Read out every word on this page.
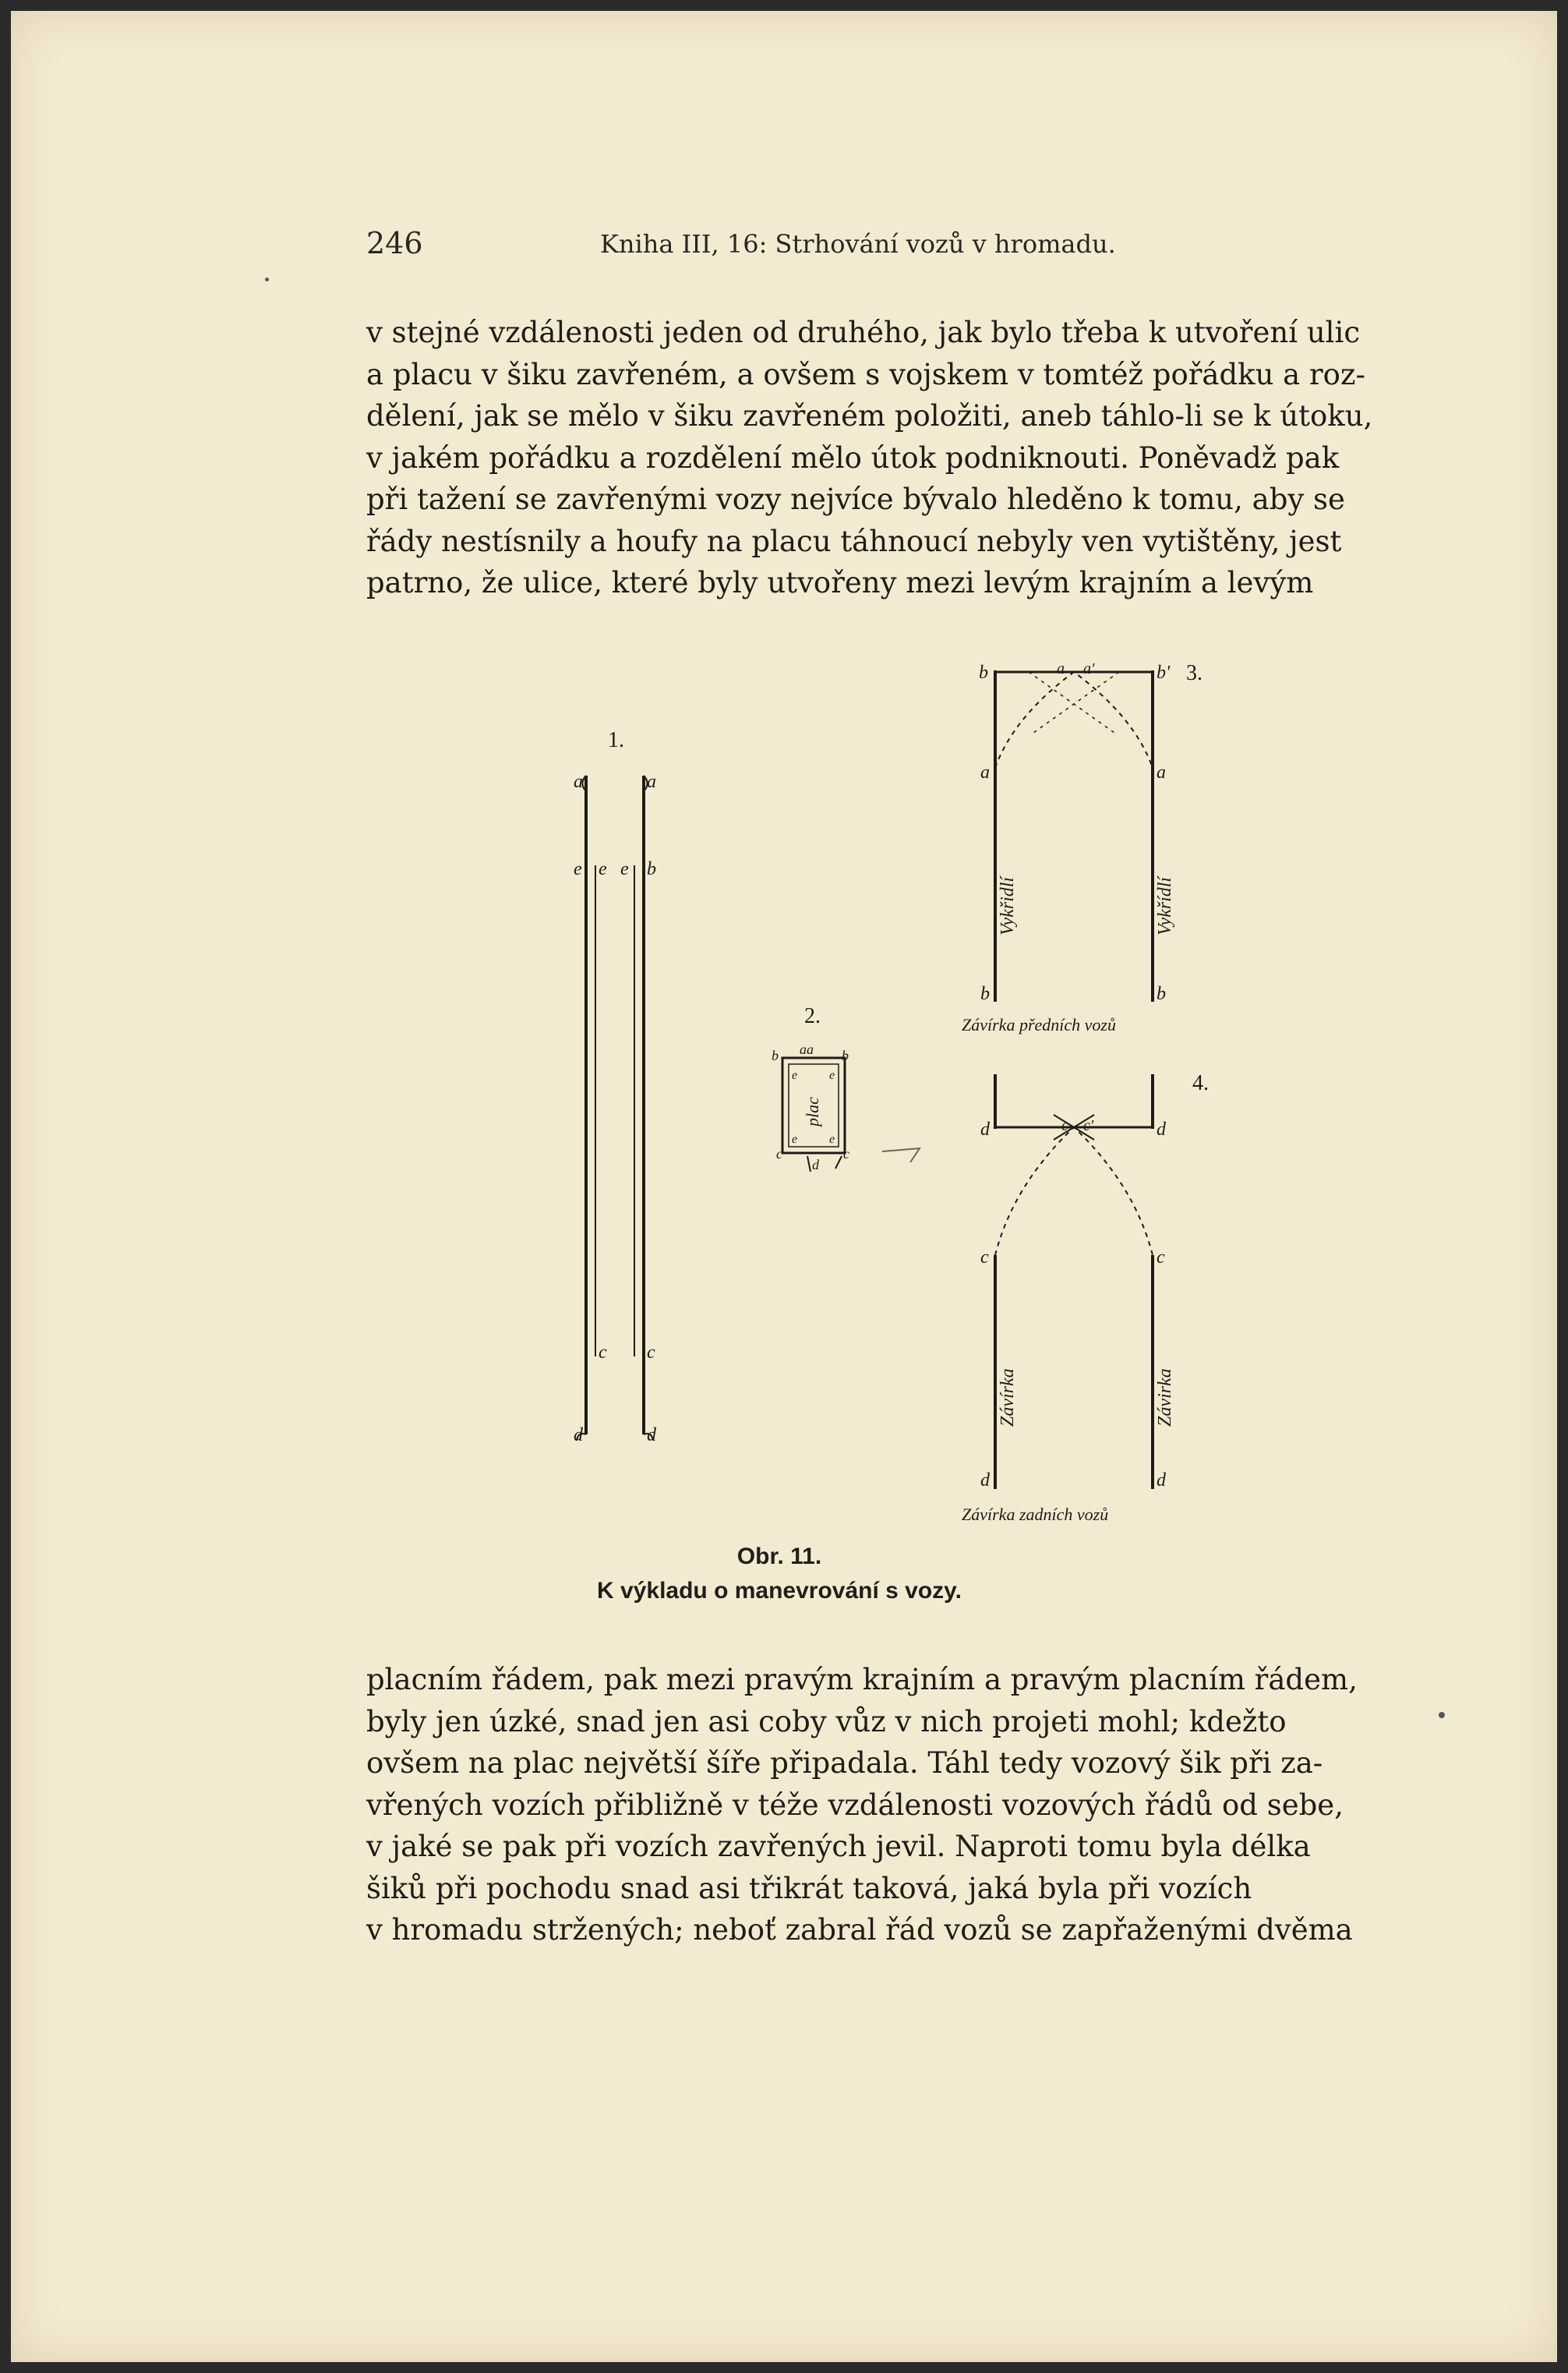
246	Kniha III, 16: Strhování vozů v hromadu.
v stejné vzdálenosti jeden od druhého, jak bylo třeba k utvoření ulic
a placu v šiku zavřeném, a ovšem s vojskem v tomtéž pořádku a roz-
dělení, jak se mělo v šiku zavřeném položiti, aneb táhlo-li se k útoku,
v jakém pořádku a rozdělení mělo útok podniknouti. Poněvadž pak
při tažení se zavřenými vozy nejvíce bývalo hleděno k tomu, aby se
řády nestísnily a houfy na placu táhnoucí nebyly ven vytištěny, jest
patrno, že ulice, které byly utvořeny mezi levým krajním a levým
1.
a	a
e e b
e
c c
d	d
2.
b aa b
e	e
e	e
c
d
c
plac
3.
b	a a'	b'
a	a
b	b
Vykřidlí	Vykřídlí
Závírka předních vozů
4.
d	c c'	d
c	c
d	d
Závírka	Závirka
Závírka zadních vozů
Obr. 11.
K výkladu o manevrování s vozy.
placním řádem, pak mezi pravým krajním a pravým placním řádem,
byly jen úzké, snad jen asi coby vůz v nich projeti mohl; kdežto
ovšem na plac největší šíře připadala. Táhl tedy vozový šik při za-
vřených vozích přibližně v téže vzdálenosti vozových řádů od sebe,
v jaké se pak při vozích zavřených jevil. Naproti tomu byla délka
šiků při pochodu snad asi třikrát taková, jaká byla při vozích
v hromadu stržených; neboť zabral řád vozů se zapřaženými dvěma
